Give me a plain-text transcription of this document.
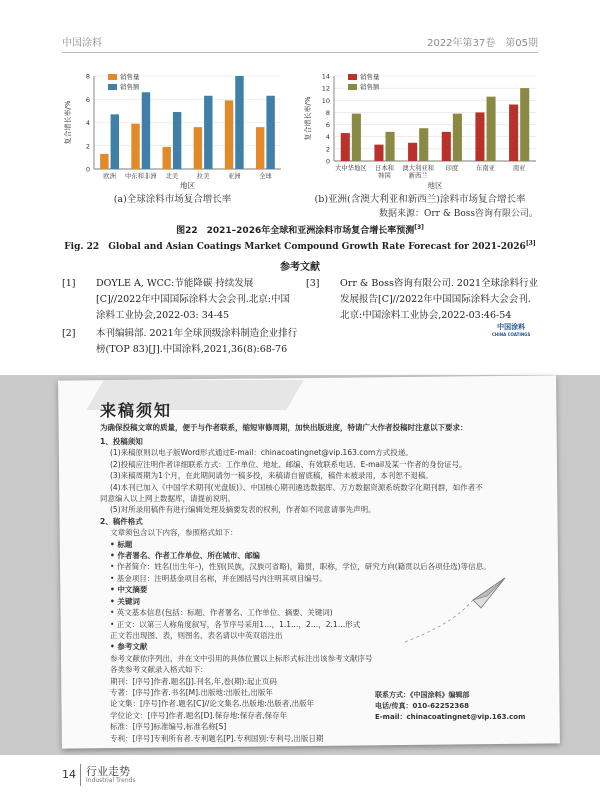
中国涂料	2022年第37卷　第05期
0
2
4
6
8
复合增长率/%
欧洲 中东和非洲 北美	拉美	亚洲	全球
地区
销售量
销售额
(a)全球涂料市场复合增长率
0
2
4
6
8
10
12
14
复合增长率/%
大中华地区 日本和
韩国
澳大利亚和
新西兰
印度	东南亚	南亚
地区
销售量
销售额
(b)亚洲(含澳大利亚和新西兰)涂料市场复合增长率
数据来源：Orr & Boss咨询有限公司。
图22　2021–2026年全球和亚洲涂料市场复合增长率预测[3]
Fig. 22　Global and Asian Coatings Market Compound Growth Rate Forecast for 2021-2026[3]
参考文献
[1] DOYLE A, WCC:节能降碳 持续发展[C]//2022年中国国际涂料大会会刊.北京:中国涂料工业协会,2022-03: 34-45
[2] 本刊编辑部. 2021年全球顶级涂料制造企业排行榜(TOP 83)[J].中国涂料,2021,36(8):68-76
[3] Orr & Boss咨询有限公司. 2021全球涂料行业发展报告[C]//2022年中国国际涂料大会会刊.北京:中国涂料工业协会,2022-03:46-54
中国涂料
CHINA COATINGS
来稿须知
为确保投稿文章的质量，便于与作者联系，缩短审修周期，加快出版进度，特请广大作者投稿时注意以下要求：
1、投稿须知
(1)来稿原则以电子版Word形式通过E-mail：chinacoatingnet@vip.163.com方式投递。
(2)投稿应注明作者详细联系方式：工作单位、地址、邮编、有效联系电话、E-mail及某一作者的身份证号。
(3)来稿周期为1个月，在此期间请勿一稿多投，来稿请自留底稿，稿件未被录用，本刊恕不退稿。
(4)本刊已加入《中国学术期刊(光盘版)》、中国核心期刊遴选数据库、万方数据资源系统数字化期刊群，如作者不
同意编入以上网上数据库，请提前说明。
(5)对所录用稿件有进行编辑处理及摘要发表的权利，作者如不同意请事先声明。
2、稿件格式
文章须包含以下内容，参照格式如下：
• 标题
• 作者署名、作者工作单位、所在城市、邮编
• 作者简介：姓名(出生年–)，性别(民族，汉族可省略)，籍贯，职称，学位，研究方向(籍贯以后各项任选)等信息。
• 基金项目：注明基金项目名称，并在圆括号内注明其项目编号。
• 中文摘要
• 关键词
• 英文基本信息(包括：标题、作者署名、工作单位、摘要、关键词)
• 正文：以第三人称角度叙写，各节序号采用1…，1.1…，2…，2.1…形式
正文若出现图、表，则图名、表名请以中英双语注出
• 参考文献
参考文献依序列出，并在文中引用的具体位置以上标形式标注出该参考文献序号
各类参考文献录入格式如下：
期刊：[序号]作者.题名[J].刊名,年,卷(期):起止页码
专著：[序号]作者.书名[M].出版地:出版社,出版年
论文集：[序号]作者.题名[C]//论文集名.出版地:出版者,出版年
学位论文：[序号]作者.题名[D].保存地:保存者,保存年
标准：[序号]标准编号,标准名称[S]
专利：[序号]专利所有者.专利题名[P].专利国别:专利号,出版日期
联系方式：《中国涂料》编辑部
电话/传真：010-62252368
E-mail：chinacoatingnet@vip.163.com
14 行业走势
Industrial Trends
